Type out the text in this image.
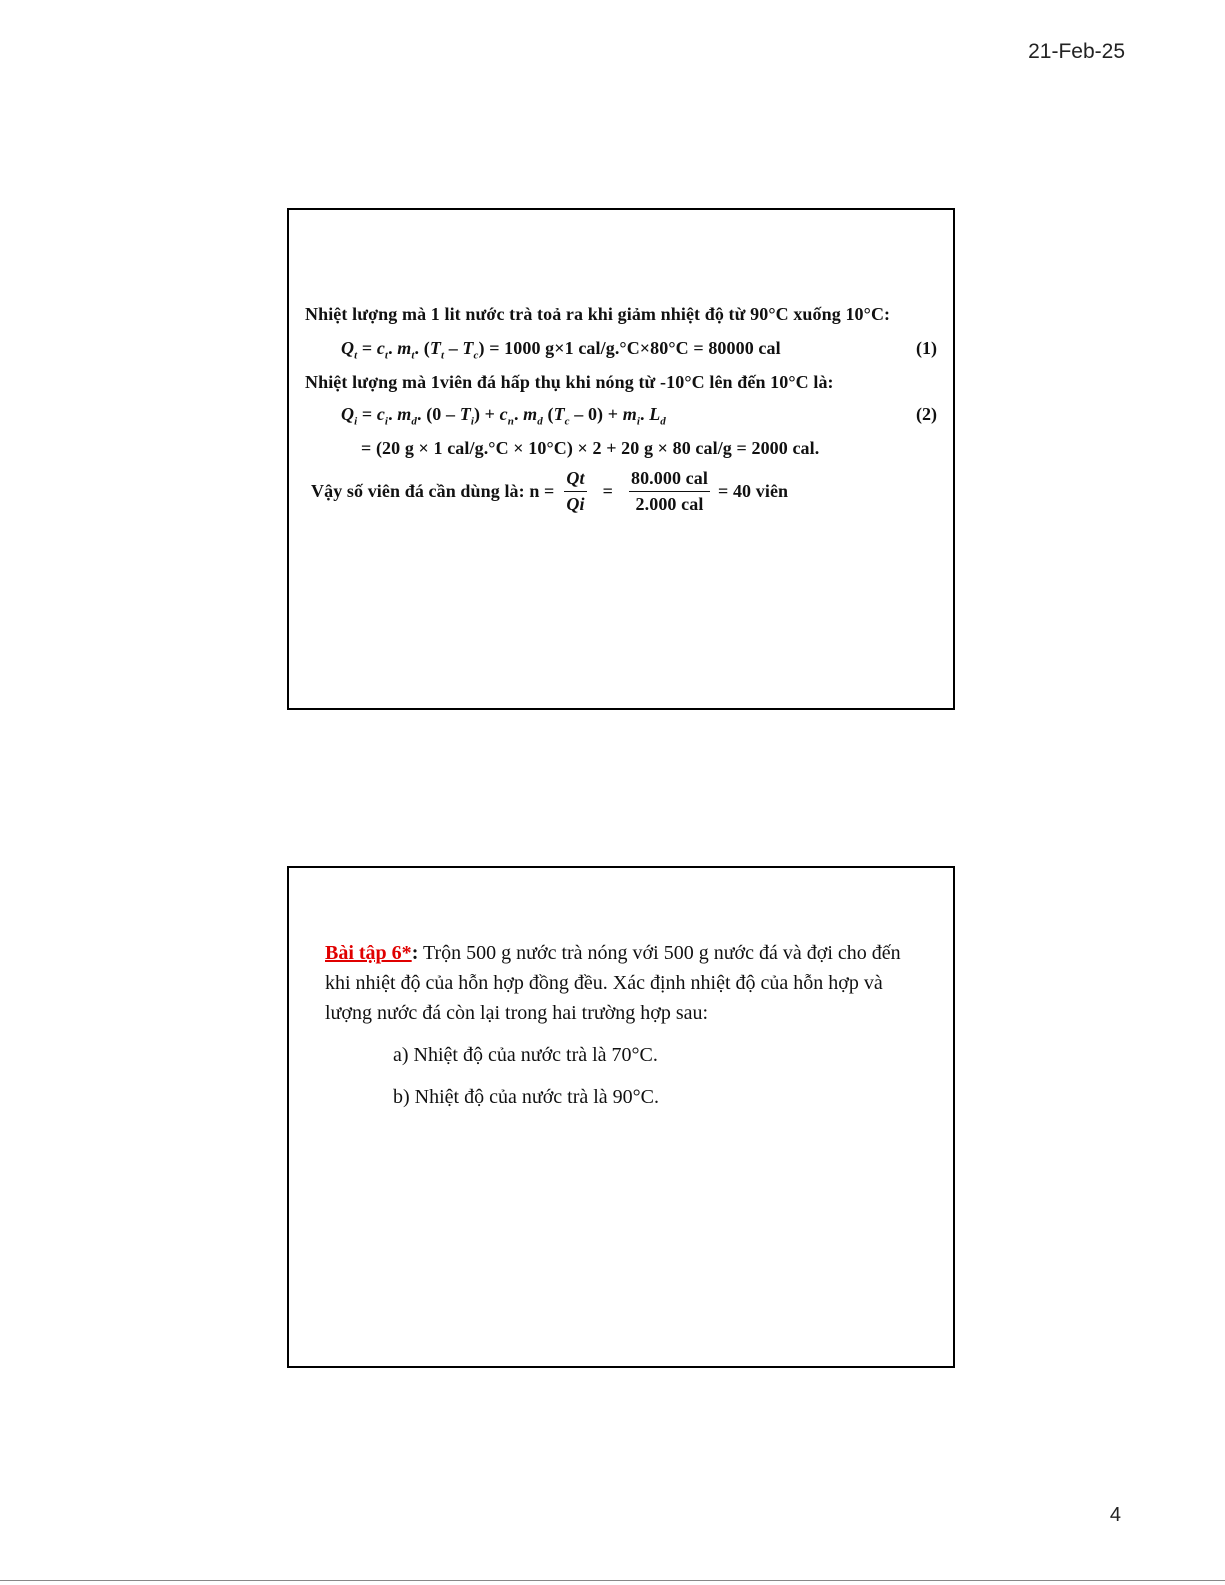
21-Feb-25
Nhiệt lượng mà 1 lit nước trà toả ra khi giảm nhiệt độ từ 90°C xuống 10°C:
$Q_t = c_t$. $m_t$. $(T_t - T_c) = 1000$ g×1 cal/g.°C×80°C = 80000 cal	(1)
Nhiệt lượng mà 1viên đá hấp thụ khi nóng từ -10°C lên đến 10°C là:
$Q_i = c_i$. $m_d$. $(0 - T_i) + c_n$. $m_d$ $(T_c - 0) + m_i$. $L_d$	(2)
= (20 g × 1 cal/g.°C × 10°C) × 2 + 20 g × 80 cal/g = 2000 cal.
Vậy số viên đá cần dùng là: $n = \frac{Qt}{Qi} = \frac{\text{80.000 cal}}{\text{2.000 cal}} = 40$ viên
Bài tập 6*: Trộn 500 g nước trà nóng với 500 g nước đá và đợi cho đến khi nhiệt độ của hỗn hợp đồng đều. Xác định nhiệt độ của hỗn hợp và lượng nước đá còn lại trong hai trường hợp sau:
a) Nhiệt độ của nước trà là 70°C.
b) Nhiệt độ của nước trà là 90°C.
4
